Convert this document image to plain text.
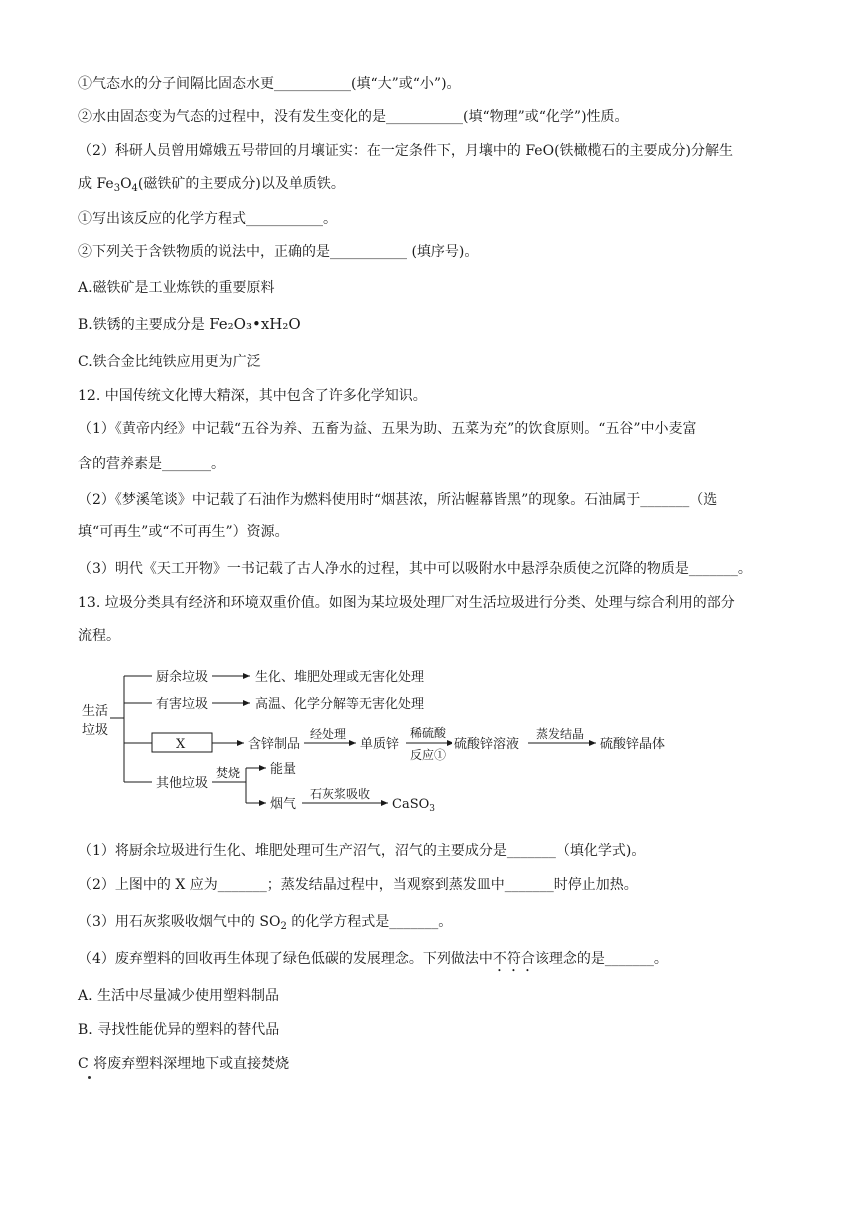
①气态水的分子间隔比固态水更___________(填“大”或“小”)。
②水由固态变为气态的过程中，没有发生变化的是___________(填“物理”或“化学”)性质。
（2）科研人员曾用嫦娥五号带回的月壤证实：在一定条件下，月壤中的 FeO(铁橄榄石的主要成分)分解生
成 $Fe_3O_4$(磁铁矿的主要成分)以及单质铁。
①写出该反应的化学方程式___________。
②下列关于含铁物质的说法中，正确的是___________ (填序号)。
A.磁铁矿是工业炼铁的重要原料
B.铁锈的主要成分是 Fe₂O₃•xH₂O
C.铁合金比纯铁应用更为广泛
12. 中国传统文化博大精深，其中包含了许多化学知识。
（1）《黄帝内经》中记载“五谷为养、五畜为益、五果为助、五菜为充”的饮食原则。“五谷”中小麦富
含的营养素是_______。
（2）《梦溪笔谈》中记载了石油作为燃料使用时“烟甚浓，所沾幄幕皆黑”的现象。石油属于_______（选
填“可再生”或“不可再生”）资源。
（3）明代《天工开物》一书记载了古人净水的过程，其中可以吸附水中悬浮杂质使之沉降的物质是_______。
13. 垃圾分类具有经济和环境双重价值。如图为某垃圾处理厂对生活垃圾进行分类、处理与综合利用的部分
流程。
生活
垃圾
厨余垃圾	生化、堆肥处理或无害化处理
有害垃圾	高温、化学分解等无害化处理
X	含锌制品
经处理
单质锌
稀硫酸
反应①
其他垃圾
焚烧 能量
烟气
石灰浆吸收
CaSO$_3$
硫酸锌溶液
蒸发结晶
硫酸锌晶体
（1）将厨余垃圾进行生化、堆肥处理可生产沼气，沼气的主要成分是_______（填化学式)。
（2）上图中的 X 应为_______；蒸发结晶过程中，当观察到蒸发皿中_______时停止加热。
（3）用石灰浆吸收烟气中的 $SO_2$ 的化学方程式是_______。
（4）废弃塑料的回收再生体现了绿色低碳的发展理念。下列做法中不符合该理念的是_______。
A. 生活中尽量减少使用塑料制品
B. 寻找性能优异的塑料的替代品
C 将废弃塑料深埋地下或直接焚烧
